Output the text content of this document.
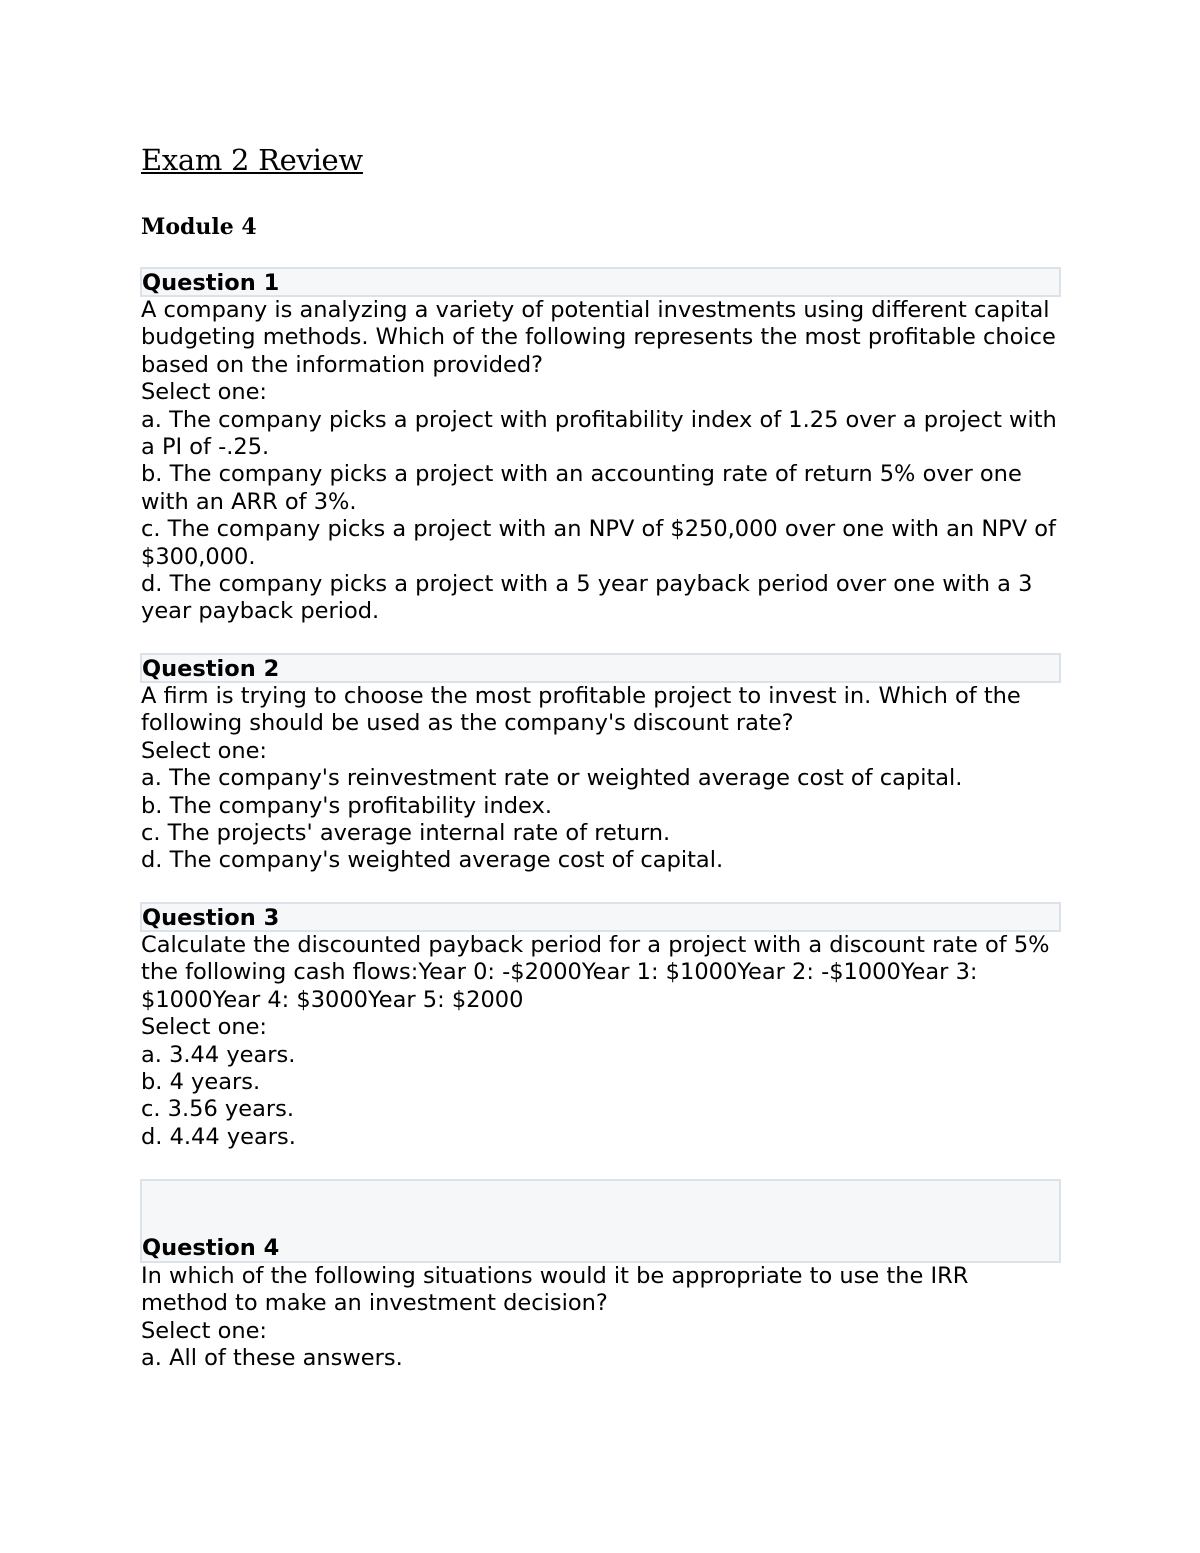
Exam 2 Review
Module 4
Question 1

A company is analyzing a variety of potential investments using different capital budgeting methods. Which of the following represents the most profitable choice based on the information provided?

Select one:

a. The company picks a project with profitability index of 1.25 over a project with a PI of -.25.

b. The company picks a project with an accounting rate of return 5% over one with an ARR of 3%.

c. The company picks a project with an NPV of $250,000 over one with an NPV of $300,000.

d. The company picks a project with a 5 year payback period over one with a 3 year payback period.

Question 2

A firm is trying to choose the most profitable project to invest in. Which of the following should be used as the company's discount rate?

Select one:

a. The company's reinvestment rate or weighted average cost of capital.

b. The company's profitability index.

c. The projects' average internal rate of return.

d. The company's weighted average cost of capital.

Question 3

Calculate the discounted payback period for a project with a discount rate of 5% the following cash flows:Year 0: -$2000Year 1: $1000Year 2: -$1000Year 3: $1000Year 4: $3000Year 5: $2000

Select one:

a. 3.44 years.

b. 4 years.

c. 3.56 years.

d. 4.44 years.

Question 4

In which of the following situations would it be appropriate to use the IRR method to make an investment decision?

Select one:

a. All of these answers.
